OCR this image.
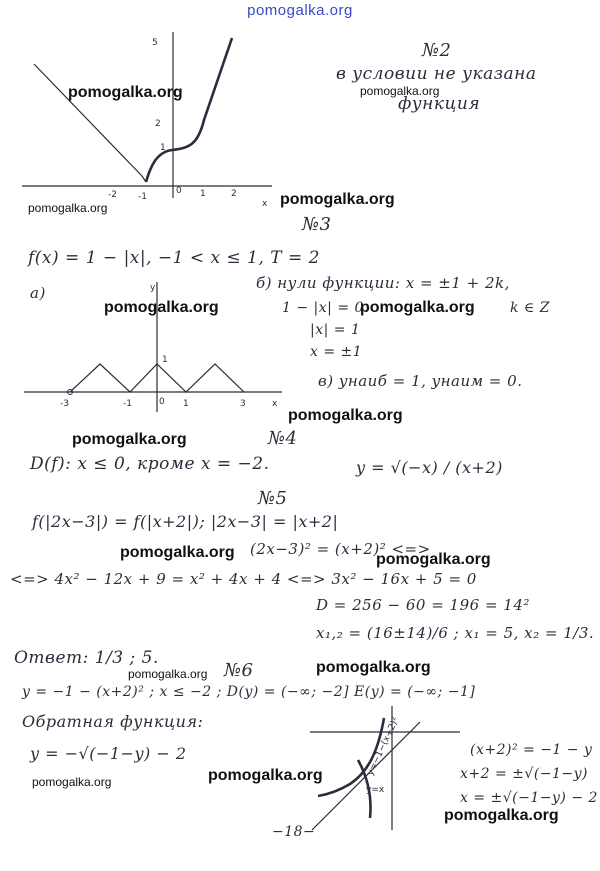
pomogalka.org
5
2
1
-2 -1
0 1	2
x
y
x
1
-3	-1	0 1	3
y=−1−(x+2)²
y=x
№2
в условии не указана
функция
№3
f(x) = 1 − |x|, −1 < x ≤ 1, T = 2
а)
б) нули функции: x = ±1 + 2k,
1 − |x| = 0	k ∈ Z
|x| = 1
x = ±1
в) yнаиб = 1, yнаим = 0.
№4
D(f): x ≤ 0, кроме x = −2.	y = √(−x) / (x+2)
№5
f(|2x−3|) = f(|x+2|); |2x−3| = |x+2|
(2x−3)² = (x+2)² <=>
<=> 4x² − 12x + 9 = x² + 4x + 4 <=> 3x² − 16x + 5 = 0
D = 256 − 60 = 196 = 14²
x₁,₂ = (16±14)/6 ; x₁ = 5, x₂ = 1/3.
Ответ: 1/3 ; 5.
№6
y = −1 − (x+2)² ; x ≤ −2 ; D(y) = (−∞; −2] E(y) = (−∞; −1]
Обратная функция:
y = −√(−1−y) − 2	(x+2)² = −1 − y
x+2 = ±√(−1−y)
x = ±√(−1−y) − 2
−18−
pomogalka.org	pomogalka.org
pomogalka.org
pomogalka.org
pomogalka.org	pomogalka.org
pomogalka.org
pomogalka.org
pomogalka.org	pomogalka.org
pomogalka.org	pomogalka.org
pomogalka.org	pomogalka.org
pomogalka.org
